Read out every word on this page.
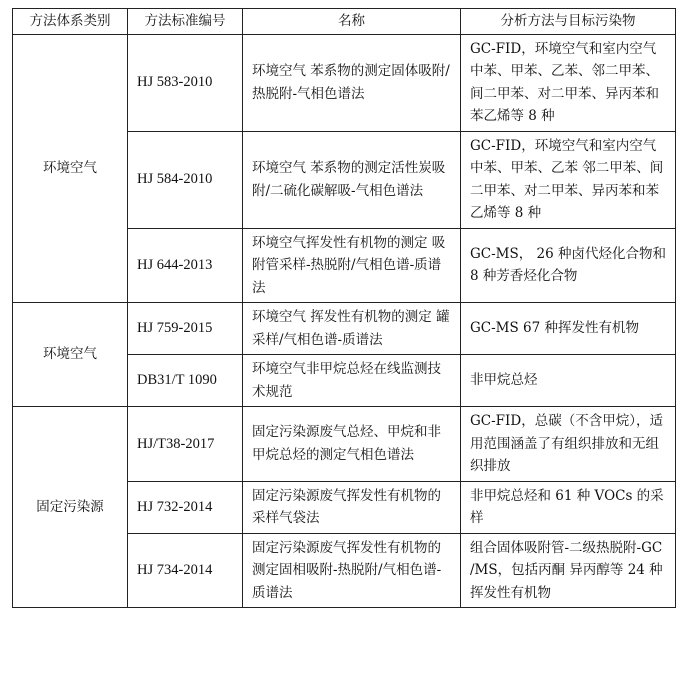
方法体系类别	方法标准编号	名称	分析方法与目标污染物
环境空气	HJ 583-2010	环境空气 苯系物的测定固体吸附/热脱附-气相色谱法	GC-FID，环境空气和室内空气中苯、甲苯、乙苯、邻二甲苯、间二甲苯、对二甲苯、异丙苯和苯乙烯等 8 种
	HJ 584-2010	环境空气 苯系物的测定活性炭吸附/二硫化碳解吸-气相色谱法	GC-FID，环境空气和室内空气中苯、甲苯、乙苯 邻二甲苯、间二甲苯、对二甲苯、异丙苯和苯乙烯等 8 种
	HJ 644-2013	环境空气挥发性有机物的测定 吸附管采样-热脱附/气相色谱-质谱法	GC-MS， 26 种卤代烃化合物和 8 种芳香烃化合物
环境空气	HJ 759-2015	环境空气 挥发性有机物的测定 罐采样/气相色谱-质谱法	GC-MS 67 种挥发性有机物
	DB31/T 1090	环境空气非甲烷总烃在线监测技术规范	非甲烷总烃
固定污染源	HJ/T38-2017	固定污染源废气总烃、甲烷和非甲烷总烃的测定气相色谱法	GC-FID，总碳（不含甲烷），适用范围涵盖了有组织排放和无组织排放
	HJ 732-2014	固定污染源废气挥发性有机物的采样气袋法	非甲烷总烃和 61 种 VOCs 的采样
	HJ 734-2014	固定污染源废气挥发性有机物的测定固相吸附-热脱附/气相色谱-质谱法	组合固体吸附管-二级热脱附-GC /MS，包括丙酮 异丙醇等 24 种挥发性有机物
